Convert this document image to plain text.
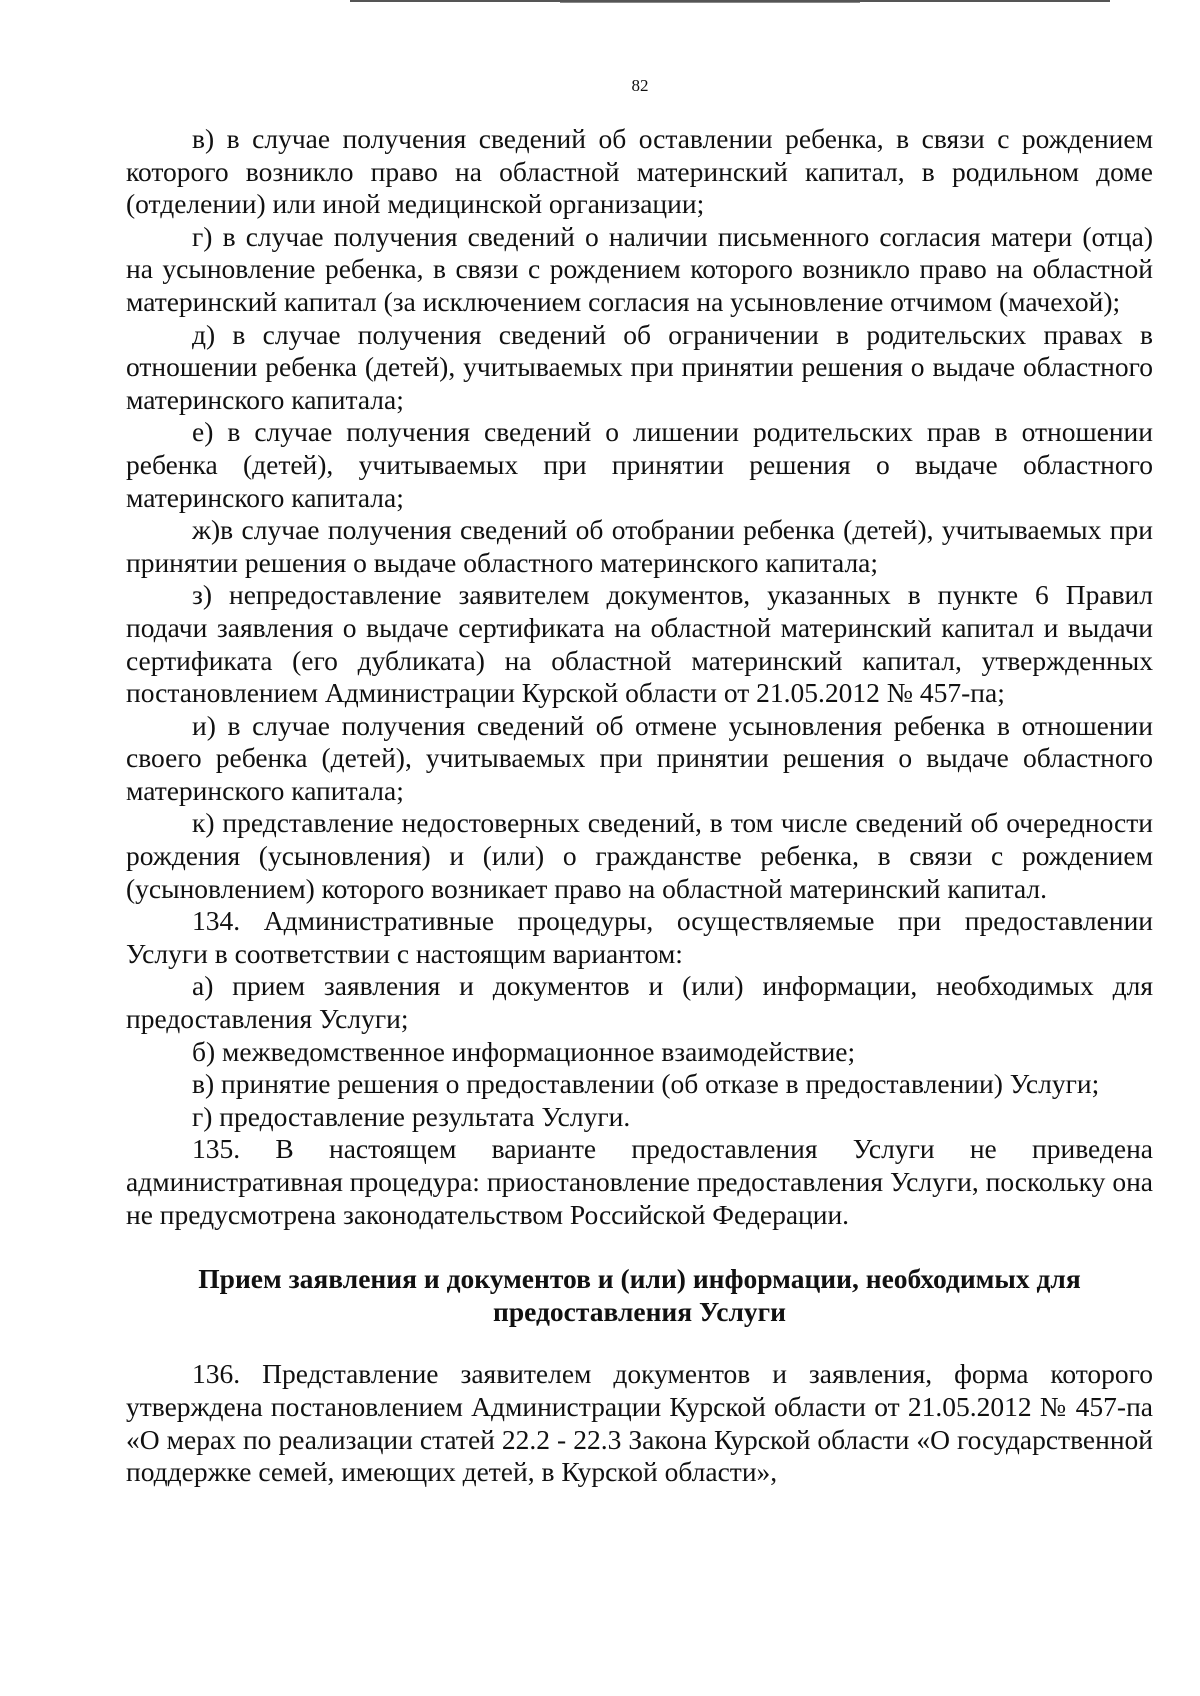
82

в) в случае получения сведений об оставлении ребенка, в связи с рождением которого возникло право на областной материнский капитал, в родильном доме (отделении) или иной медицинской организации;

г) в случае получения сведений о наличии письменного согласия матери (отца) на усыновление ребенка, в связи с рождением которого возникло право на областной материнский капитал (за исключением согласия на усыновление отчимом (мачехой);

д) в случае получения сведений об ограничении в родительских правах в отношении ребенка (детей), учитываемых при принятии решения о выдаче областного материнского капитала;

е) в случае получения сведений о лишении родительских прав в отношении ребенка (детей), учитываемых при принятии решения о выдаче областного материнского капитала;

ж)в случае получения сведений об отобрании ребенка (детей), учитываемых при принятии решения о выдаче областного материнского капитала;

з) непредоставление заявителем документов, указанных в пункте 6 Правил подачи заявления о выдаче сертификата на областной материнский капитал и выдачи сертификата (его дубликата) на областной материнский капитал, утвержденных постановлением Администрации Курской области от 21.05.2012 № 457-па;

и) в случае получения сведений об отмене усыновления ребенка в отношении своего ребенка (детей), учитываемых при принятии решения о выдаче областного материнского капитала;

к) представление недостоверных сведений, в том числе сведений об очередности рождения (усыновления) и (или) о гражданстве ребенка, в связи с рождением (усыновлением) которого возникает право на областной материнский капитал.

134. Административные процедуры, осуществляемые при предоставлении Услуги в соответствии с настоящим вариантом:

а) прием заявления и документов и (или) информации, необходимых для предоставления Услуги;

б) межведомственное информационное взаимодействие;

в) принятие решения о предоставлении (об отказе в предоставлении) Услуги;

г) предоставление результата Услуги.

135. В настоящем варианте предоставления Услуги не приведена административная процедура: приостановление предоставления Услуги, поскольку она не предусмотрена законодательством Российской Федерации.

Прием заявления и документов и (или) информации, необходимых для предоставления Услуги

136. Представление заявителем документов и заявления, форма которого утверждена постановлением Администрации Курской области от 21.05.2012 № 457-па «О мерах по реализации статей 22.2 - 22.3 Закона Курской области «О государственной поддержке семей, имеющих детей, в Курской области»,
